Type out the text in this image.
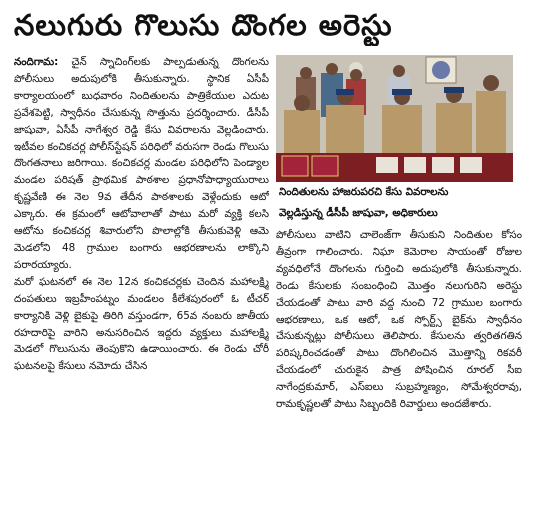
నలుగురు గొలుసు దొంగల అరెస్టు

నందిగామ: చైన్ స్నాచింగ్‌లకు పాల్పడుతున్న దొంగలను పోలీసులు అదుపులోకి తీసుకున్నారు. స్థానిక ఏసీపీ కార్యాలయంలో బుధవారం నిందితులను పాత్రికేయుల ఎదుట ప్రవేశపెట్టి, స్వాధీనం చేసుకున్న సొత్తును ప్రదర్శించారు. డీసీపీ జాషువా, ఏసీపీ నాగేశ్వర రెడ్డి కేసు వివరాలను వెల్లడించారు. ఇటీవల కంచికచర్ల పోలీస్‌స్టేషన్ పరిధిలో వరుసగా రెండు గొలుసు దొంగతనాలు జరిగాయి. కంచికచర్ల మండల పరిధిలోని పెండ్యాల మండల పరిషత్ ప్రాథమిక పాఠశాల ప్రధానోపాధ్యాయురాలు కృష్ణవేణి ఈ నెల 9వ తేదీన పాఠశాలకు వెళ్లేందుకు ఆటో ఎక్కారు. ఈ క్రమంలో ఆటోవాలాతో పాటు మరో వ్యక్తి కలసి ఆటోను కంచికచర్ల శివారులోని పొలాల్లోకి తీసుకువెళ్లి ఆమె మెడలోని 48 గ్రాముల బంగారు ఆభరణాలను లాక్కొని పరారయ్యారు.

మరో ఘటనలో ఈ నెల 12న కంచికచర్లకు చెందిన మహాలక్ష్మి దంపతులు ఇబ్రహీంపట్నం మండలం కీలేశపురంలో ఓ టీచర్ కార్యానికి వెళ్లి బైకుపై తిరిగి వస్తుండగా, 65వ నంబరు జాతీయ రహదారిపై వారిని అనుసరించిన ఇద్దరు వ్యక్తులు మహాలక్ష్మి మెడలో గొలుసును తెంపుకొని ఉడాయించారు. ఈ రెండు చోరీ ఘటనలపై కేసులు నమోదు చేసిన

నిందితులను హాజరుపరచి కేసు వివరాలను
వెల్లడిస్తున్న డీసీపీ జాషువా, అధికారులు

పోలీసులు వాటిని చాలెంజ్‌గా తీసుకుని నిందితుల కోసం తీవ్రంగా గాలించారు. నిఘా కెమెరాల సాయంతో రోజుల వ్యవధిలోనే దొంగలను గుర్తించి అదుపులోకి తీసుకున్నారు. రెండు కేసులకు సంబంధించి మొత్తం నలుగురిని అరెస్టు చేయడంతో పాటు వారి వద్ద నుంచి 72 గ్రాముల బంగారు ఆభరణాలు, ఒక ఆటో, ఒక స్పోర్ట్స్ బైక్‌ను స్వాధీనం చేసుకున్నట్లు పోలీసులు తెలిపారు. కేసులను త్వరితగతిన పరిష్కరించడంతో పాటు దొంగిలించిన మొత్తాన్ని రికవరీ చేయడంలో చురుకైన పాత్ర పోషించిన రూరల్ సీఐ నాగేంద్రకుమార్, ఎస్ఐలు సుబ్రహ్మణ్యం, సోమేశ్వరరావు, రామకృష్ణలతో పాటు సిబ్బందికి రివార్డులు అందజేశారు.
